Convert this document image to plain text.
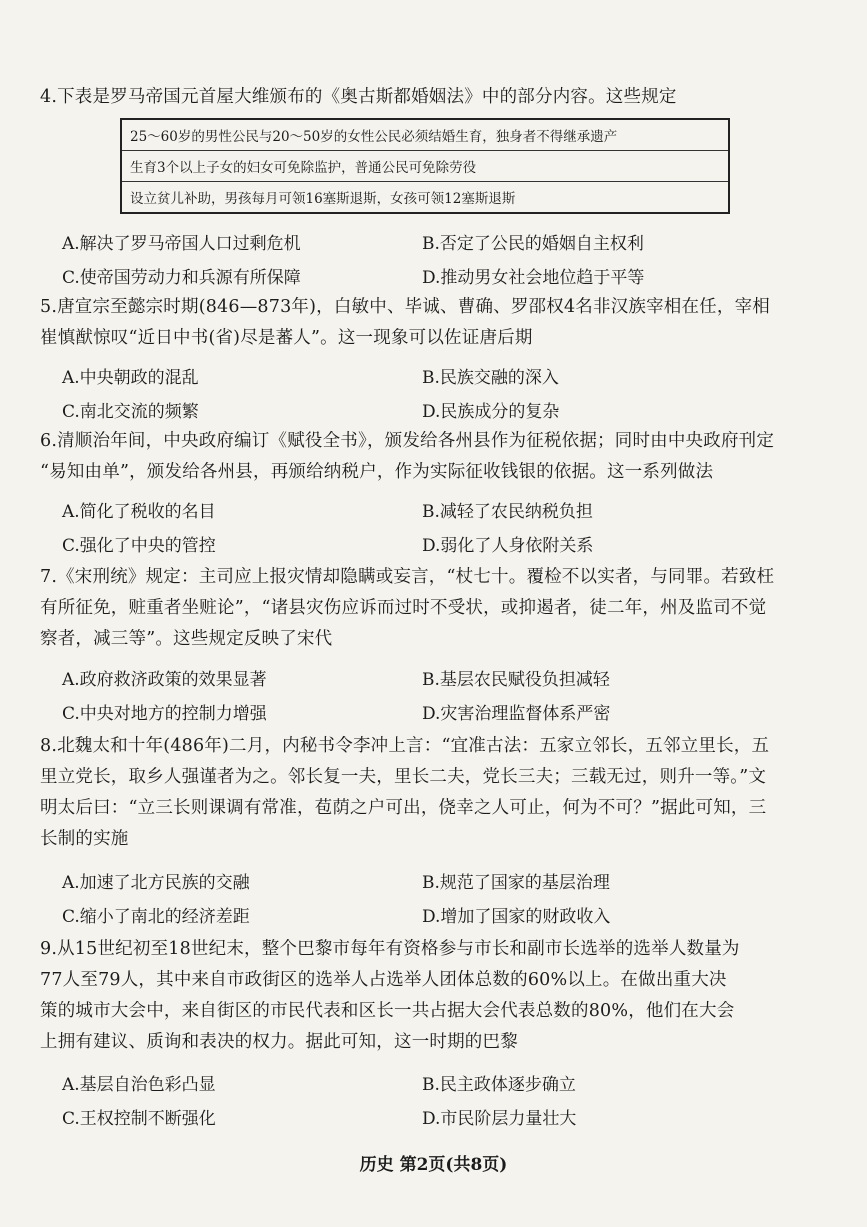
4.下表是罗马帝国元首屋大维颁布的《奥古斯都婚姻法》中的部分内容。这些规定

25～60岁的男性公民与20～50岁的女性公民必须结婚生育，独身者不得继承遗产
生育3个以上子女的妇女可免除监护，普通公民可免除劳役
设立贫儿补助，男孩每月可领16塞斯退斯，女孩可领12塞斯退斯
A.解决了罗马帝国人口过剩危机	B.否定了公民的婚姻自主权利
C.使帝国劳动力和兵源有所保障	D.推动男女社会地位趋于平等

5.唐宣宗至懿宗时期(846—873年)，白敏中、毕诚、曹确、罗邵权4名非汉族宰相在任，宰相

崔慎猷惊叹“近日中书(省)尽是蕃人”。这一现象可以佐证唐后期

A.中央朝政的混乱	B.民族交融的深入
C.南北交流的频繁	D.民族成分的复杂

6.清顺治年间，中央政府编订《赋役全书》，颁发给各州县作为征税依据；同时由中央政府刊定

“易知由单”，颁发给各州县，再颁给纳税户，作为实际征收钱银的依据。这一系列做法

A.简化了税收的名目	B.减轻了农民纳税负担
C.强化了中央的管控	D.弱化了人身依附关系

7.《宋刑统》规定：主司应上报灾情却隐瞒或妄言，“杖七十。覆检不以实者，与同罪。若致枉

有所征免，赃重者坐赃论”，“诸县灾伤应诉而过时不受状，或抑遏者，徒二年，州及监司不觉

察者，减三等”。这些规定反映了宋代

A.政府救济政策的效果显著	B.基层农民赋役负担减轻
C.中央对地方的控制力增强	D.灾害治理监督体系严密

8.北魏太和十年(486年)二月，内秘书令李冲上言：“宜准古法：五家立邻长，五邻立里长，五

里立党长，取乡人强谨者为之。邻长复一夫，里长二夫，党长三夫；三载无过，则升一等。”文

明太后曰：“立三长则课调有常准，苞荫之户可出，侥幸之人可止，何为不可？”据此可知，三

长制的实施

A.加速了北方民族的交融	B.规范了国家的基层治理
C.缩小了南北的经济差距	D.增加了国家的财政收入

9.从15世纪初至18世纪末，整个巴黎市每年有资格参与市长和副市长选举的选举人数量为

77人至79人，其中来自市政街区的选举人占选举人团体总数的60%以上。在做出重大决

策的城市大会中，来自街区的市民代表和区长一共占据大会代表总数的80%，他们在大会

上拥有建议、质询和表决的权力。据此可知，这一时期的巴黎

A.基层自治色彩凸显	B.民主政体逐步确立
C.王权控制不断强化	D.市民阶层力量壮大
历史 第2页(共8页)
